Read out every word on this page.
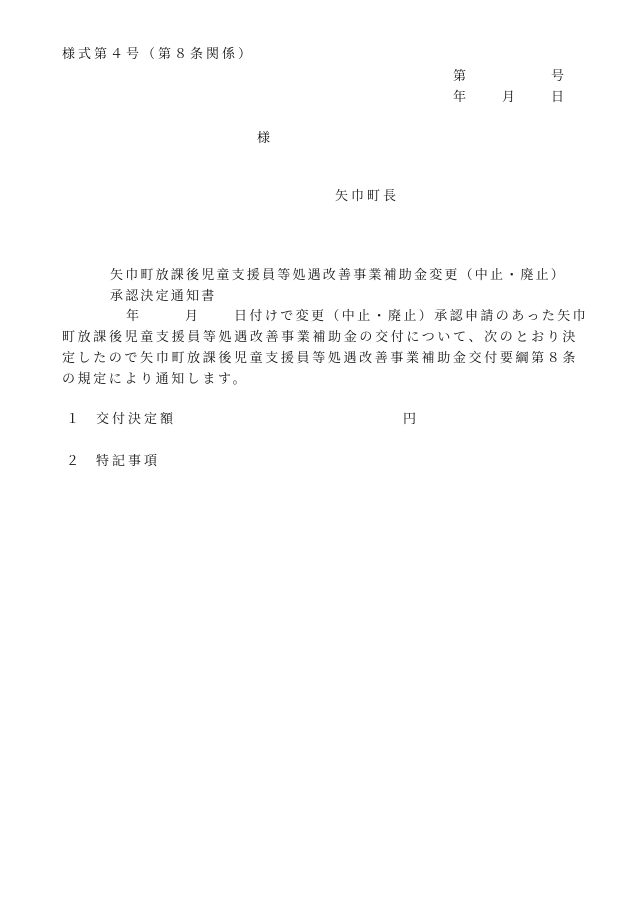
様式第４号（第８条関係）
第	号
年	月	日
様
矢巾町長
矢巾町放課後児童支援員等処遇改善事業補助金変更（中止・廃止）
承認決定通知書
年	月	日付けで変更（中止・廃止）承認申請のあった矢巾
町放課後児童支援員等処遇改善事業補助金の交付について、次のとおり決
定したので矢巾町放課後児童支援員等処遇改善事業補助金交付要綱第８条
の規定により通知します。
１ 交付決定額	円
２ 特記事項
